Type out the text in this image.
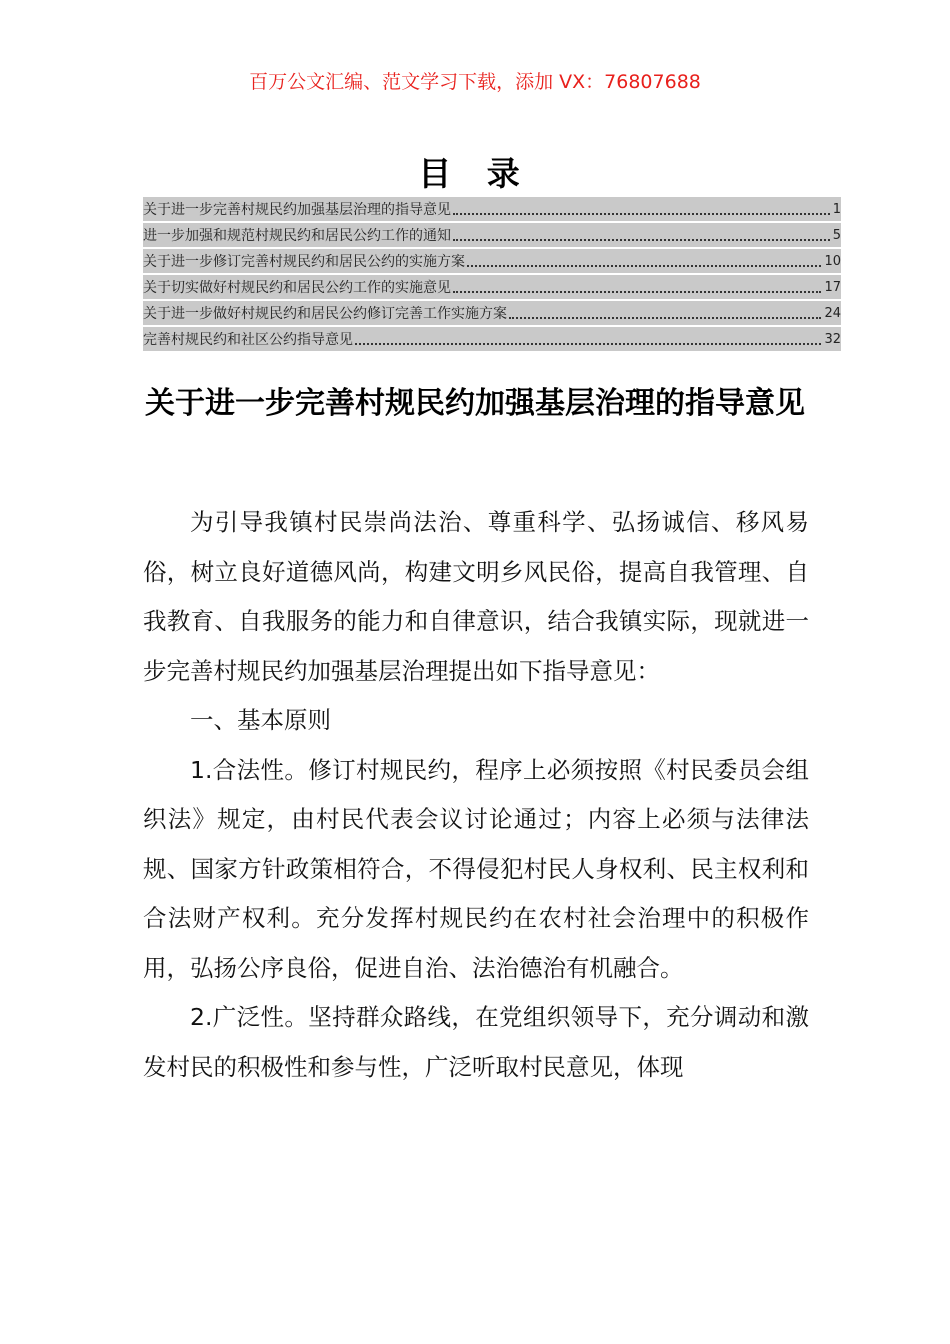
百万公文汇编、范文学习下载，添加 VX：76807688
目 录
关于进一步完善村规民约加强基层治理的指导意见	1
进一步加强和规范村规民约和居民公约工作的通知	5
关于进一步修订完善村规民约和居民公约的实施方案	10
关于切实做好村规民约和居民公约工作的实施意见	17
关于进一步做好村规民约和居民公约修订完善工作实施方案	24
完善村规民约和社区公约指导意见	32
关于进一步完善村规民约加强基层治理的指导意见

为引导我镇村民崇尚法治、尊重科学、弘扬诚信、移风易俗，树立良好道德风尚，构建文明乡风民俗，提高自我管理、自我教育、自我服务的能力和自律意识，结合我镇实际，现就进一步完善村规民约加强基层治理提出如下指导意见：

一、基本原则

1.合法性。修订村规民约，程序上必须按照《村民委员会组织法》规定，由村民代表会议讨论通过；内容上必须与法律法规、国家方针政策相符合，不得侵犯村民人身权利、民主权利和合法财产权利。充分发挥村规民约在农村社会治理中的积极作用，弘扬公序良俗，促进自治、法治德治有机融合。

2.广泛性。坚持群众路线，在党组织领导下，充分调动和激发村民的积极性和参与性，广泛听取村民意见，体现
